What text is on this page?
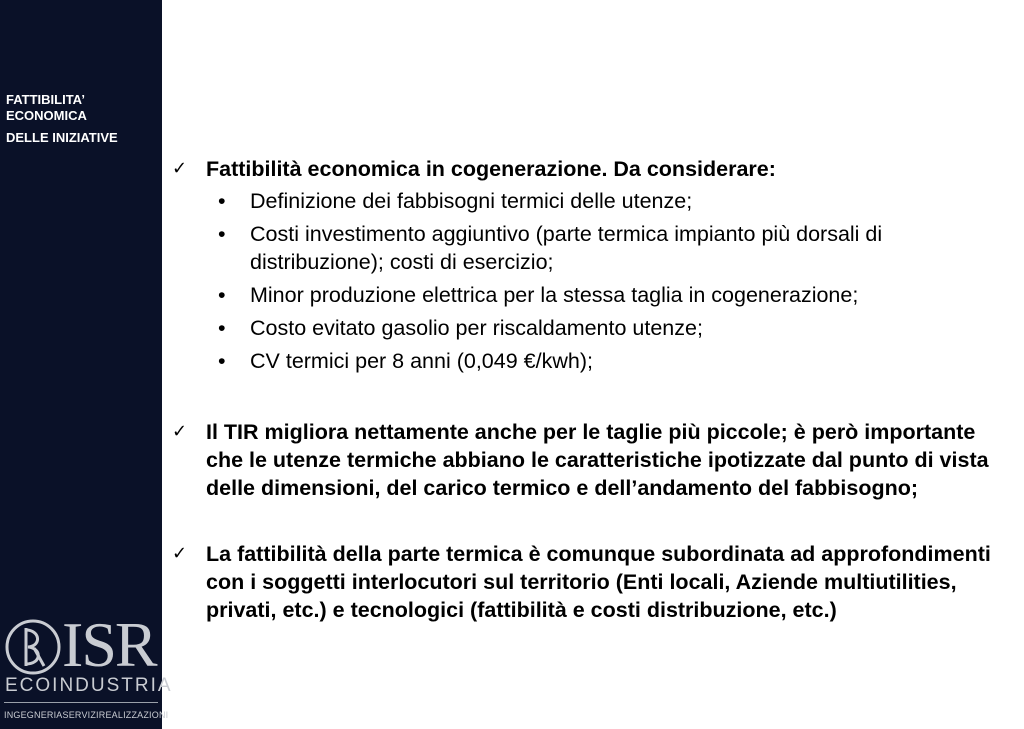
FATTIBILITA’
ECONOMICA
DELLE INIZIATIVE
ISR
ECOINDUSTRIA
INGEGNERIASERVIZIREALIZZAZIONI
✓ Fattibilità economica in cogenerazione. Da considerare:
• Definizione dei fabbisogni termici delle utenze;
• Costi investimento aggiuntivo (parte termica impianto più dorsali di distribuzione); costi di esercizio;
• Minor produzione elettrica per la stessa taglia in cogenerazione;
• Costo evitato gasolio per riscaldamento utenze;
• CV termici per 8 anni (0,049 €/kwh);
✓ Il TIR migliora nettamente anche per le taglie più piccole; è però importante che le utenze termiche abbiano le caratteristiche ipotizzate dal punto di vista delle dimensioni, del carico termico e dell’andamento del fabbisogno;
✓ La fattibilità della parte termica è comunque subordinata ad approfondimenti con i soggetti interlocutori sul territorio (Enti locali, Aziende multiutilities, privati, etc.) e tecnologici (fattibilità e costi distribuzione, etc.)
